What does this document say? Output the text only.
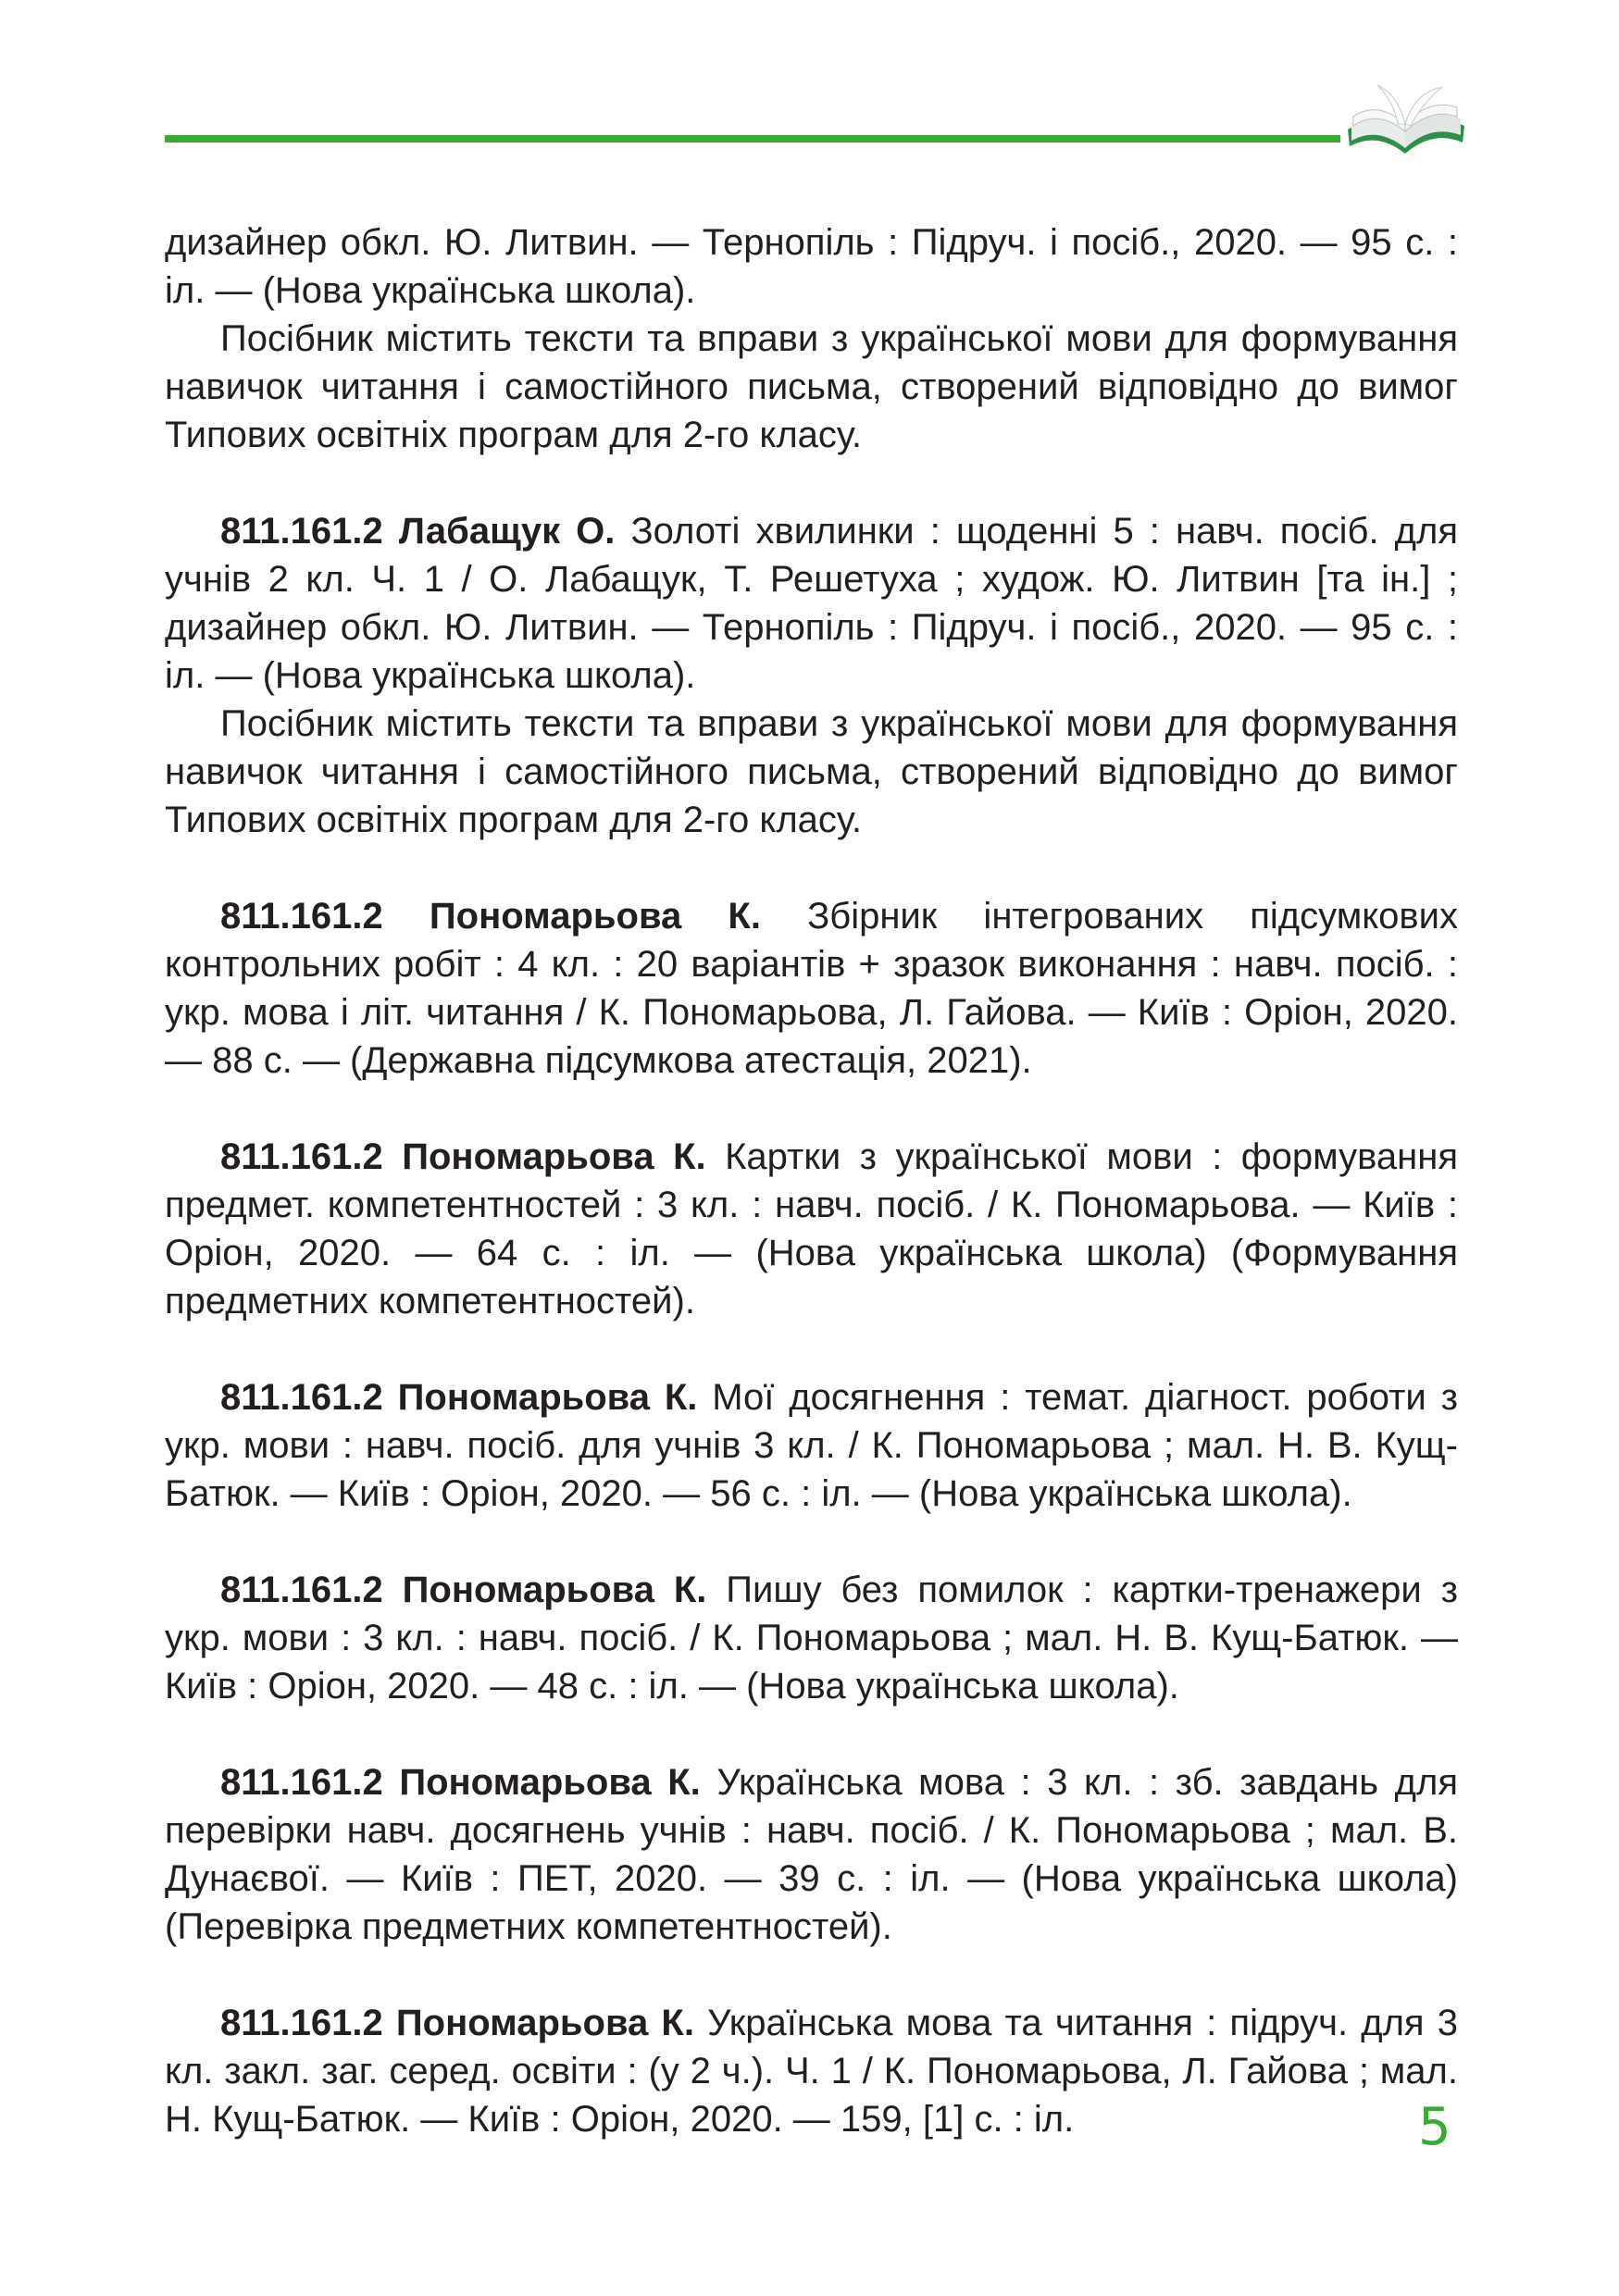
дизайнер обкл. Ю. Литвин. — Тернопіль : Підруч. і посіб., 2020. — 95 с. : іл. — (Нова українська школа).

Посібник містить тексти та вправи з української мови для формування навичок читання і самостійного письма, створений відповідно до вимог Типових освітніх програм для 2-го класу.

811.161.2 Лабащук О. Золоті хвилинки : щоденні 5 : навч. посіб. для учнів 2 кл. Ч. 1 / О. Лабащук, Т. Решетуха ; худож. Ю. Литвин [та ін.] ; дизайнер обкл. Ю. Литвин. — Тернопіль : Підруч. і посіб., 2020. — 95 с. : іл. — (Нова українська школа).

Посібник містить тексти та вправи з української мови для формування навичок читання і самостійного письма, створений відповідно до вимог Типових освітніх програм для 2-го класу.

811.161.2 Пономарьова К. Збірник інтегрованих підсумкових контрольних робіт : 4 кл. : 20 варіантів + зразок виконання : навч. посіб. : укр. мова і літ. читання / К. Пономарьова, Л. Гайова. — Київ : Оріон, 2020. — 88 с. — (Державна підсумкова атестація, 2021).

811.161.2 Пономарьова К. Картки з української мови : формування предмет. компетентностей : 3 кл. : навч. посіб. / К. Пономарьова. — Київ : Оріон, 2020. — 64 с. : іл. — (Нова українська школа) (Формування предметних компетентностей).

811.161.2 Пономарьова К. Мої досягнення : темат. діагност. роботи з укр. мови : навч. посіб. для учнів 3 кл. / К. Пономарьова ; мал. Н. В. Кущ-Батюк. — Київ : Оріон, 2020. — 56 с. : іл. — (Нова українська школа).

811.161.2 Пономарьова К. Пишу без помилок : картки-тренажери з укр. мови : 3 кл. : навч. посіб. / К. Пономарьова ; мал. Н. В. Кущ-Батюк. — Київ : Оріон, 2020. — 48 с. : іл. — (Нова українська школа).

811.161.2 Пономарьова К. Українська мова : 3 кл. : зб. завдань для перевірки навч. досягнень учнів : навч. посіб. / К. Пономарьова ; мал. В. Дунаєвої. — Київ : ПЕТ, 2020. — 39 с. : іл. — (Нова українська школа) (Перевірка предметних компетентностей).

811.161.2 Пономарьова К. Українська мова та читання : підруч. для 3 кл. закл. заг. серед. освіти : (у 2 ч.). Ч. 1 / К. Пономарьова, Л. Гайова ; мал. Н. Кущ-Батюк. — Київ : Оріон, 2020. — 159, [1] с. : іл.	5
